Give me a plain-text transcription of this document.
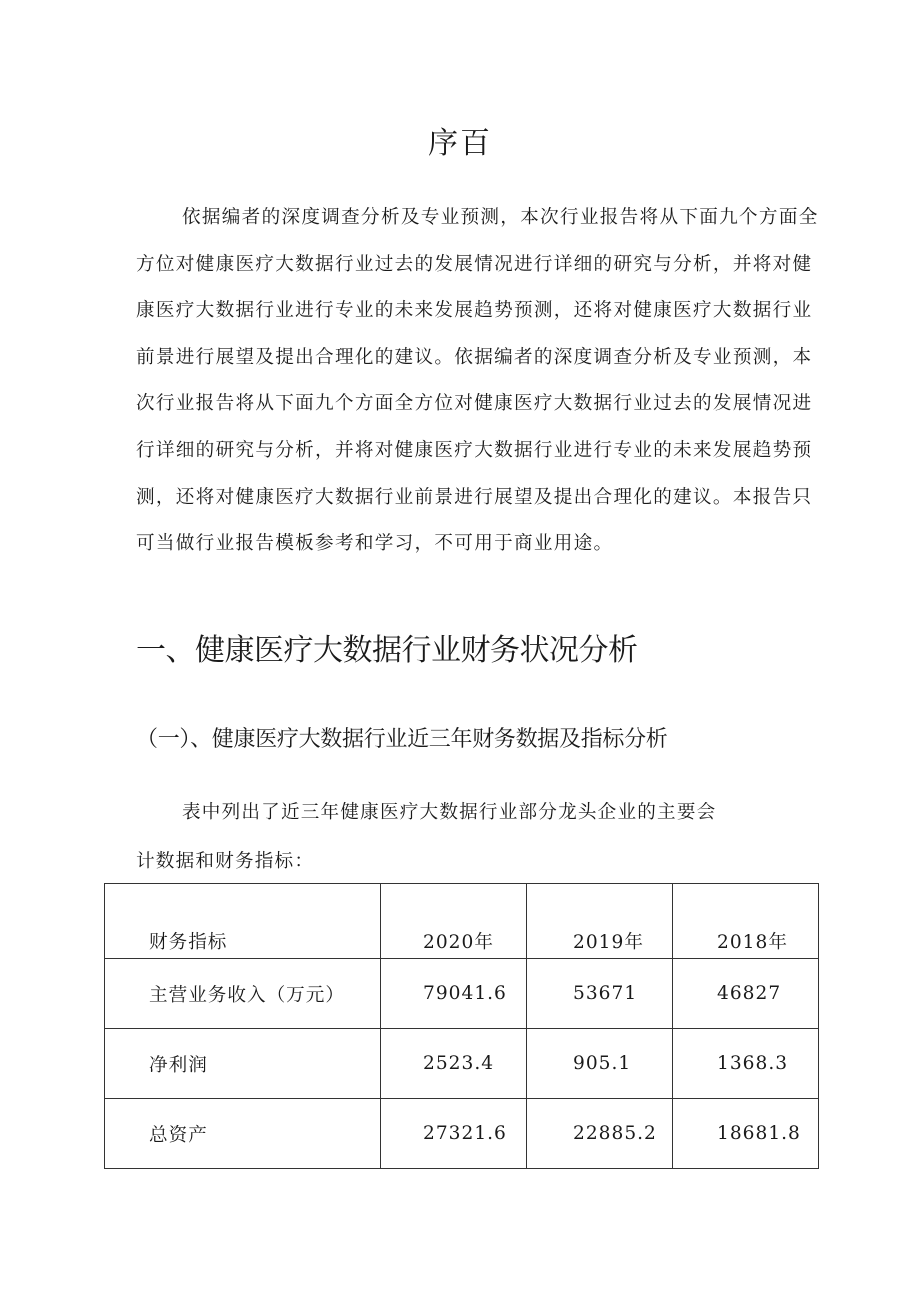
序百

依据编者的深度调查分析及专业预测，本次行业报告将从下面九个方面全方位对健康医疗大数据行业过去的发展情况进行详细的研究与分析，并将对健康医疗大数据行业进行专业的未来发展趋势预测，还将对健康医疗大数据行业前景进行展望及提出合理化的建议。依据编者的深度调查分析及专业预测，本次行业报告将从下面九个方面全方位对健康医疗大数据行业过去的发展情况进行详细的研究与分析，并将对健康医疗大数据行业进行专业的未来发展趋势预测，还将对健康医疗大数据行业前景进行展望及提出合理化的建议。本报告只可当做行业报告模板参考和学习，不可用于商业用途。

一、健康医疗大数据行业财务状况分析
（一）、健康医疗大数据行业近三年财务数据及指标分析

表中列出了近三年健康医疗大数据行业部分龙头企业的主要会计数据和财务指标：

财务指标	2020年	2019年	2018年
主营业务收入（万元）	79041.6	53671	46827
净利润	2523.4	905.1	1368.3
总资产	27321.6	22885.2	18681.8
